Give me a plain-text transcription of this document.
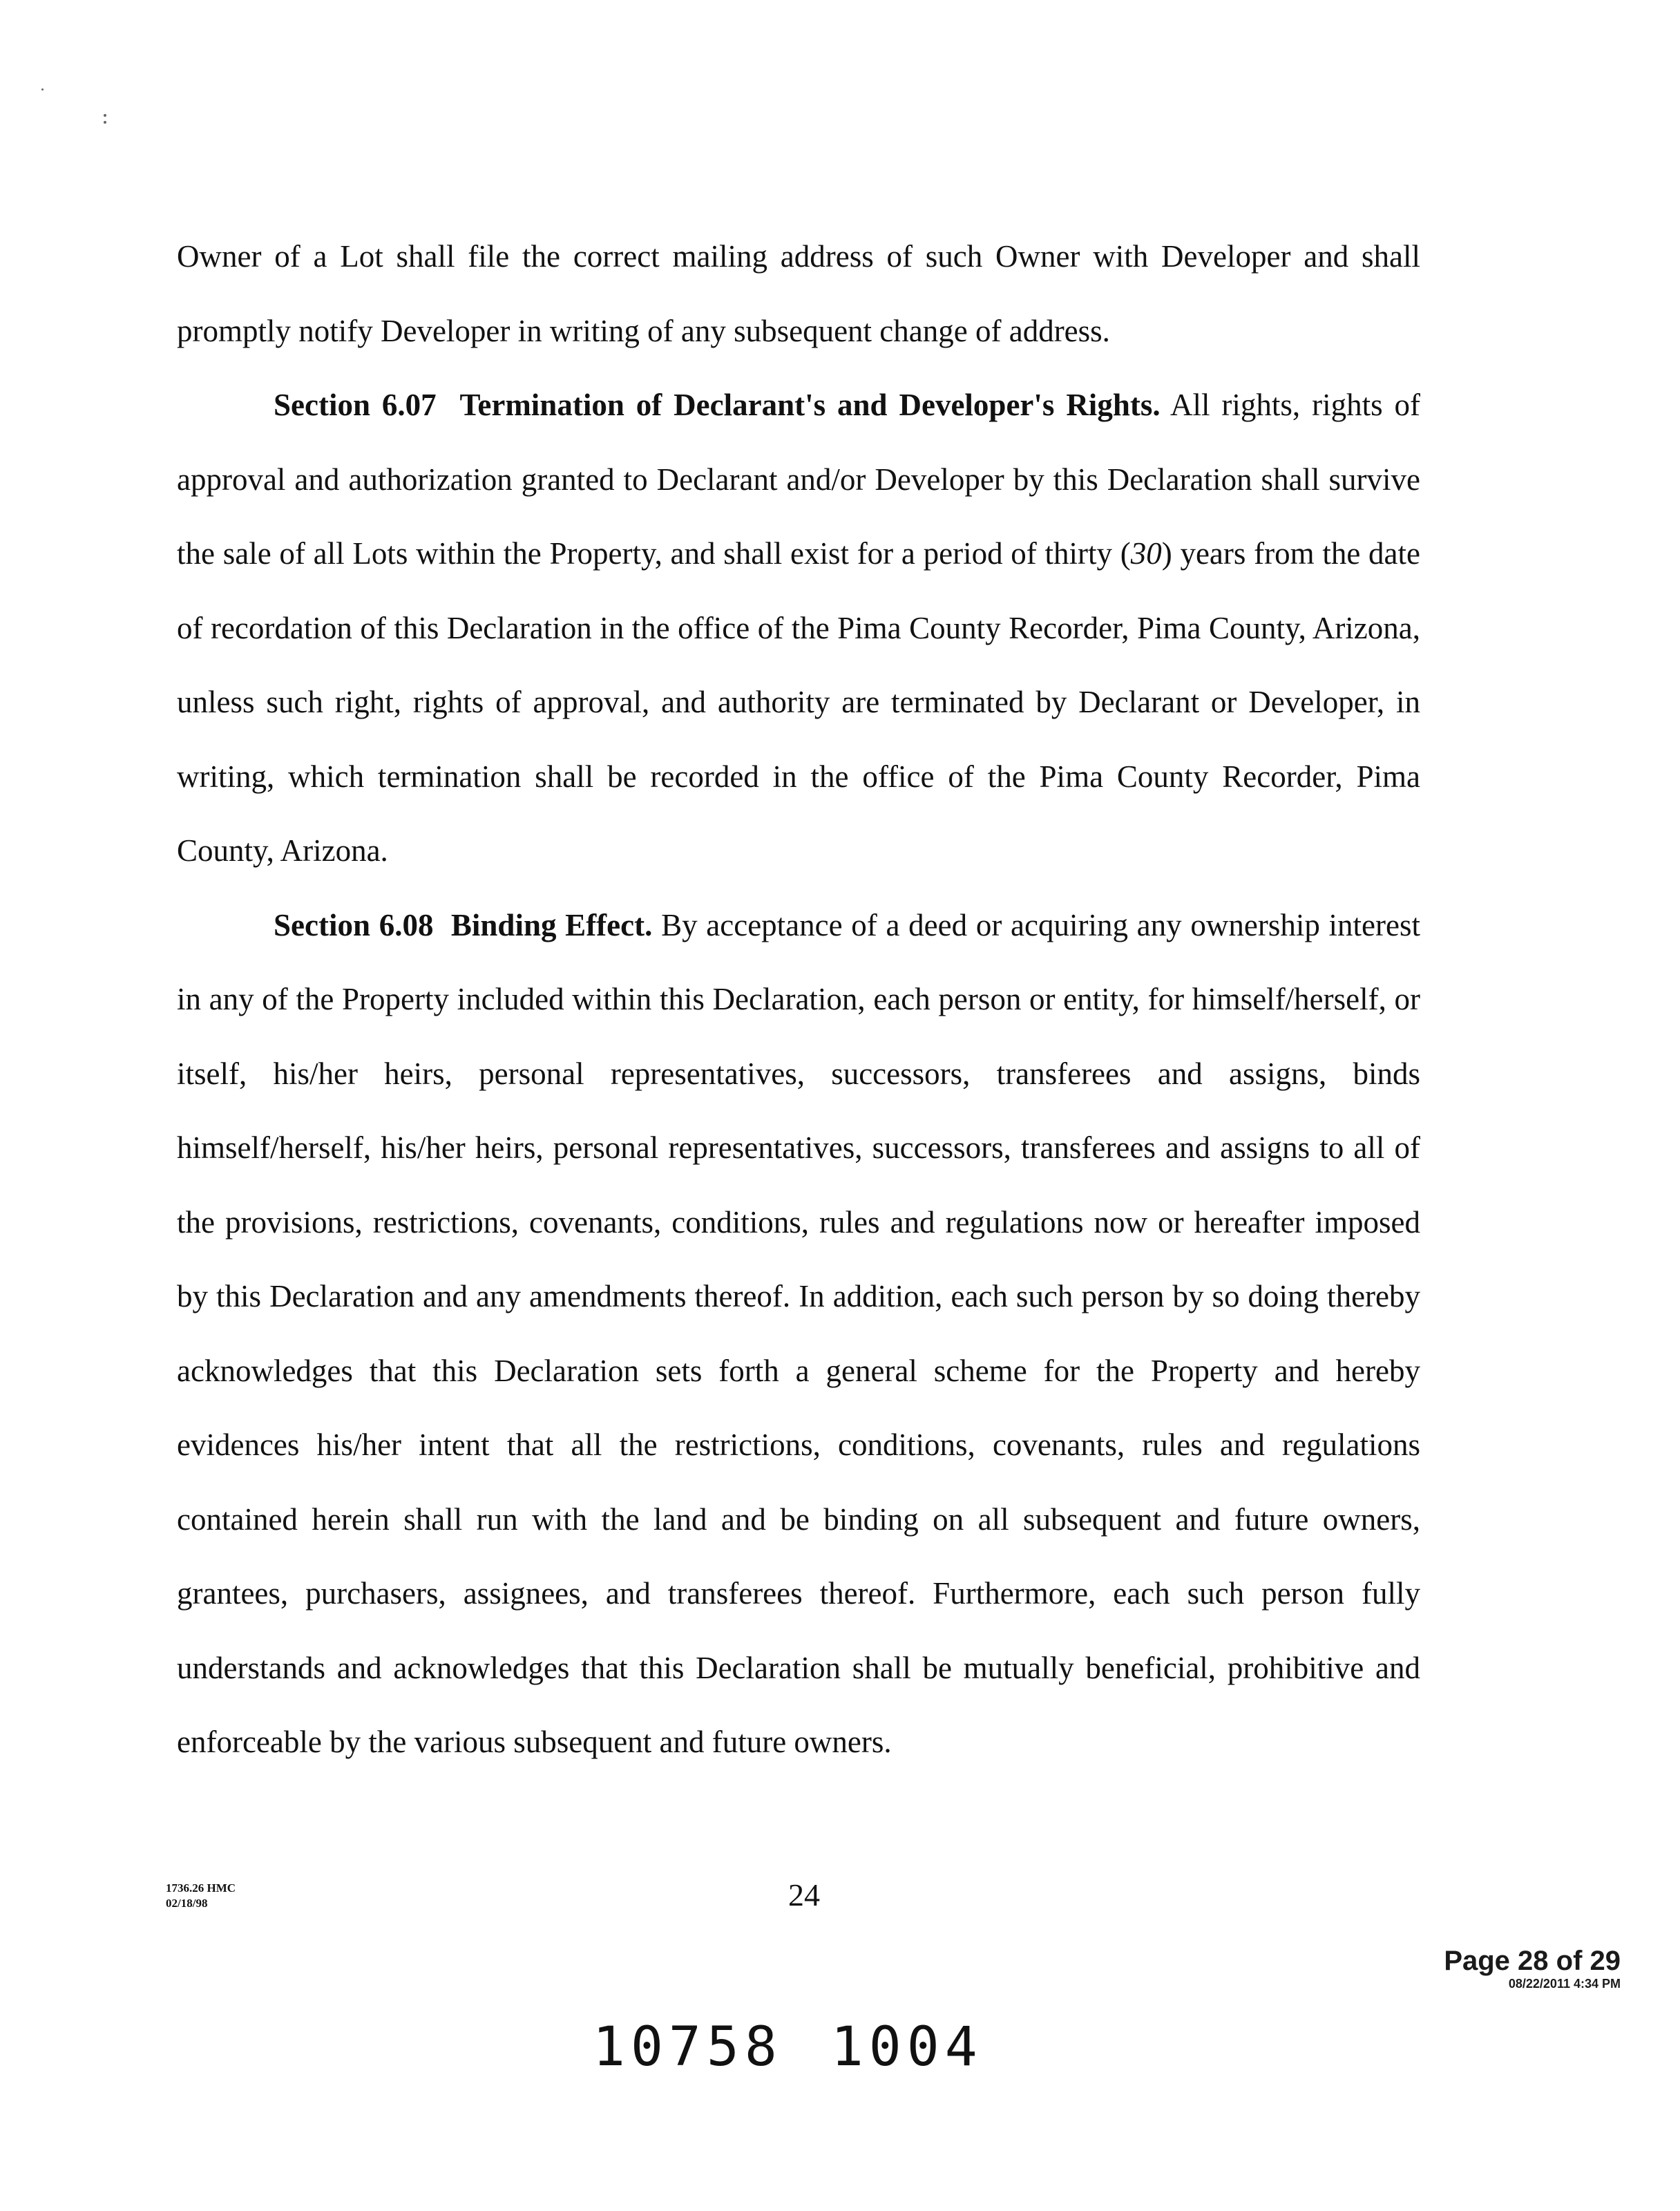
Owner of a Lot shall file the correct mailing address of such Owner with Developer and shall promptly notify Developer in writing of any subsequent change of address.

Section 6.07 Termination of Declarant's and Developer's Rights. All rights, rights of approval and authorization granted to Declarant and/or Developer by this Declaration shall survive the sale of all Lots within the Property, and shall exist for a period of thirty (30) years from the date of recordation of this Declaration in the office of the Pima County Recorder, Pima County, Arizona, unless such right, rights of approval, and authority are terminated by Declarant or Developer, in writing, which termination shall be recorded in the office of the Pima County Recorder, Pima County, Arizona.

Section 6.08 Binding Effect. By acceptance of a deed or acquiring any ownership interest in any of the Property included within this Declaration, each person or entity, for himself/herself, or itself, his/her heirs, personal representatives, successors, transferees and assigns, binds himself/herself, his/her heirs, personal representatives, successors, transferees and assigns to all of the provisions, restrictions, covenants, conditions, rules and regulations now or hereafter imposed by this Declaration and any amendments thereof. In addition, each such person by so doing thereby acknowledges that this Declaration sets forth a general scheme for the Property and hereby evidences his/her intent that all the restrictions, conditions, covenants, rules and regulations contained herein shall run with the land and be binding on all subsequent and future owners, grantees, purchasers, assignees, and transferees thereof. Furthermore, each such person fully understands and acknowledges that this Declaration shall be mutually beneficial, prohibitive and enforceable by the various subsequent and future owners.

1736.26 HMC
02/18/98	24
Page 28 of 29
08/22/2011 4:34 PM
10758 1004
